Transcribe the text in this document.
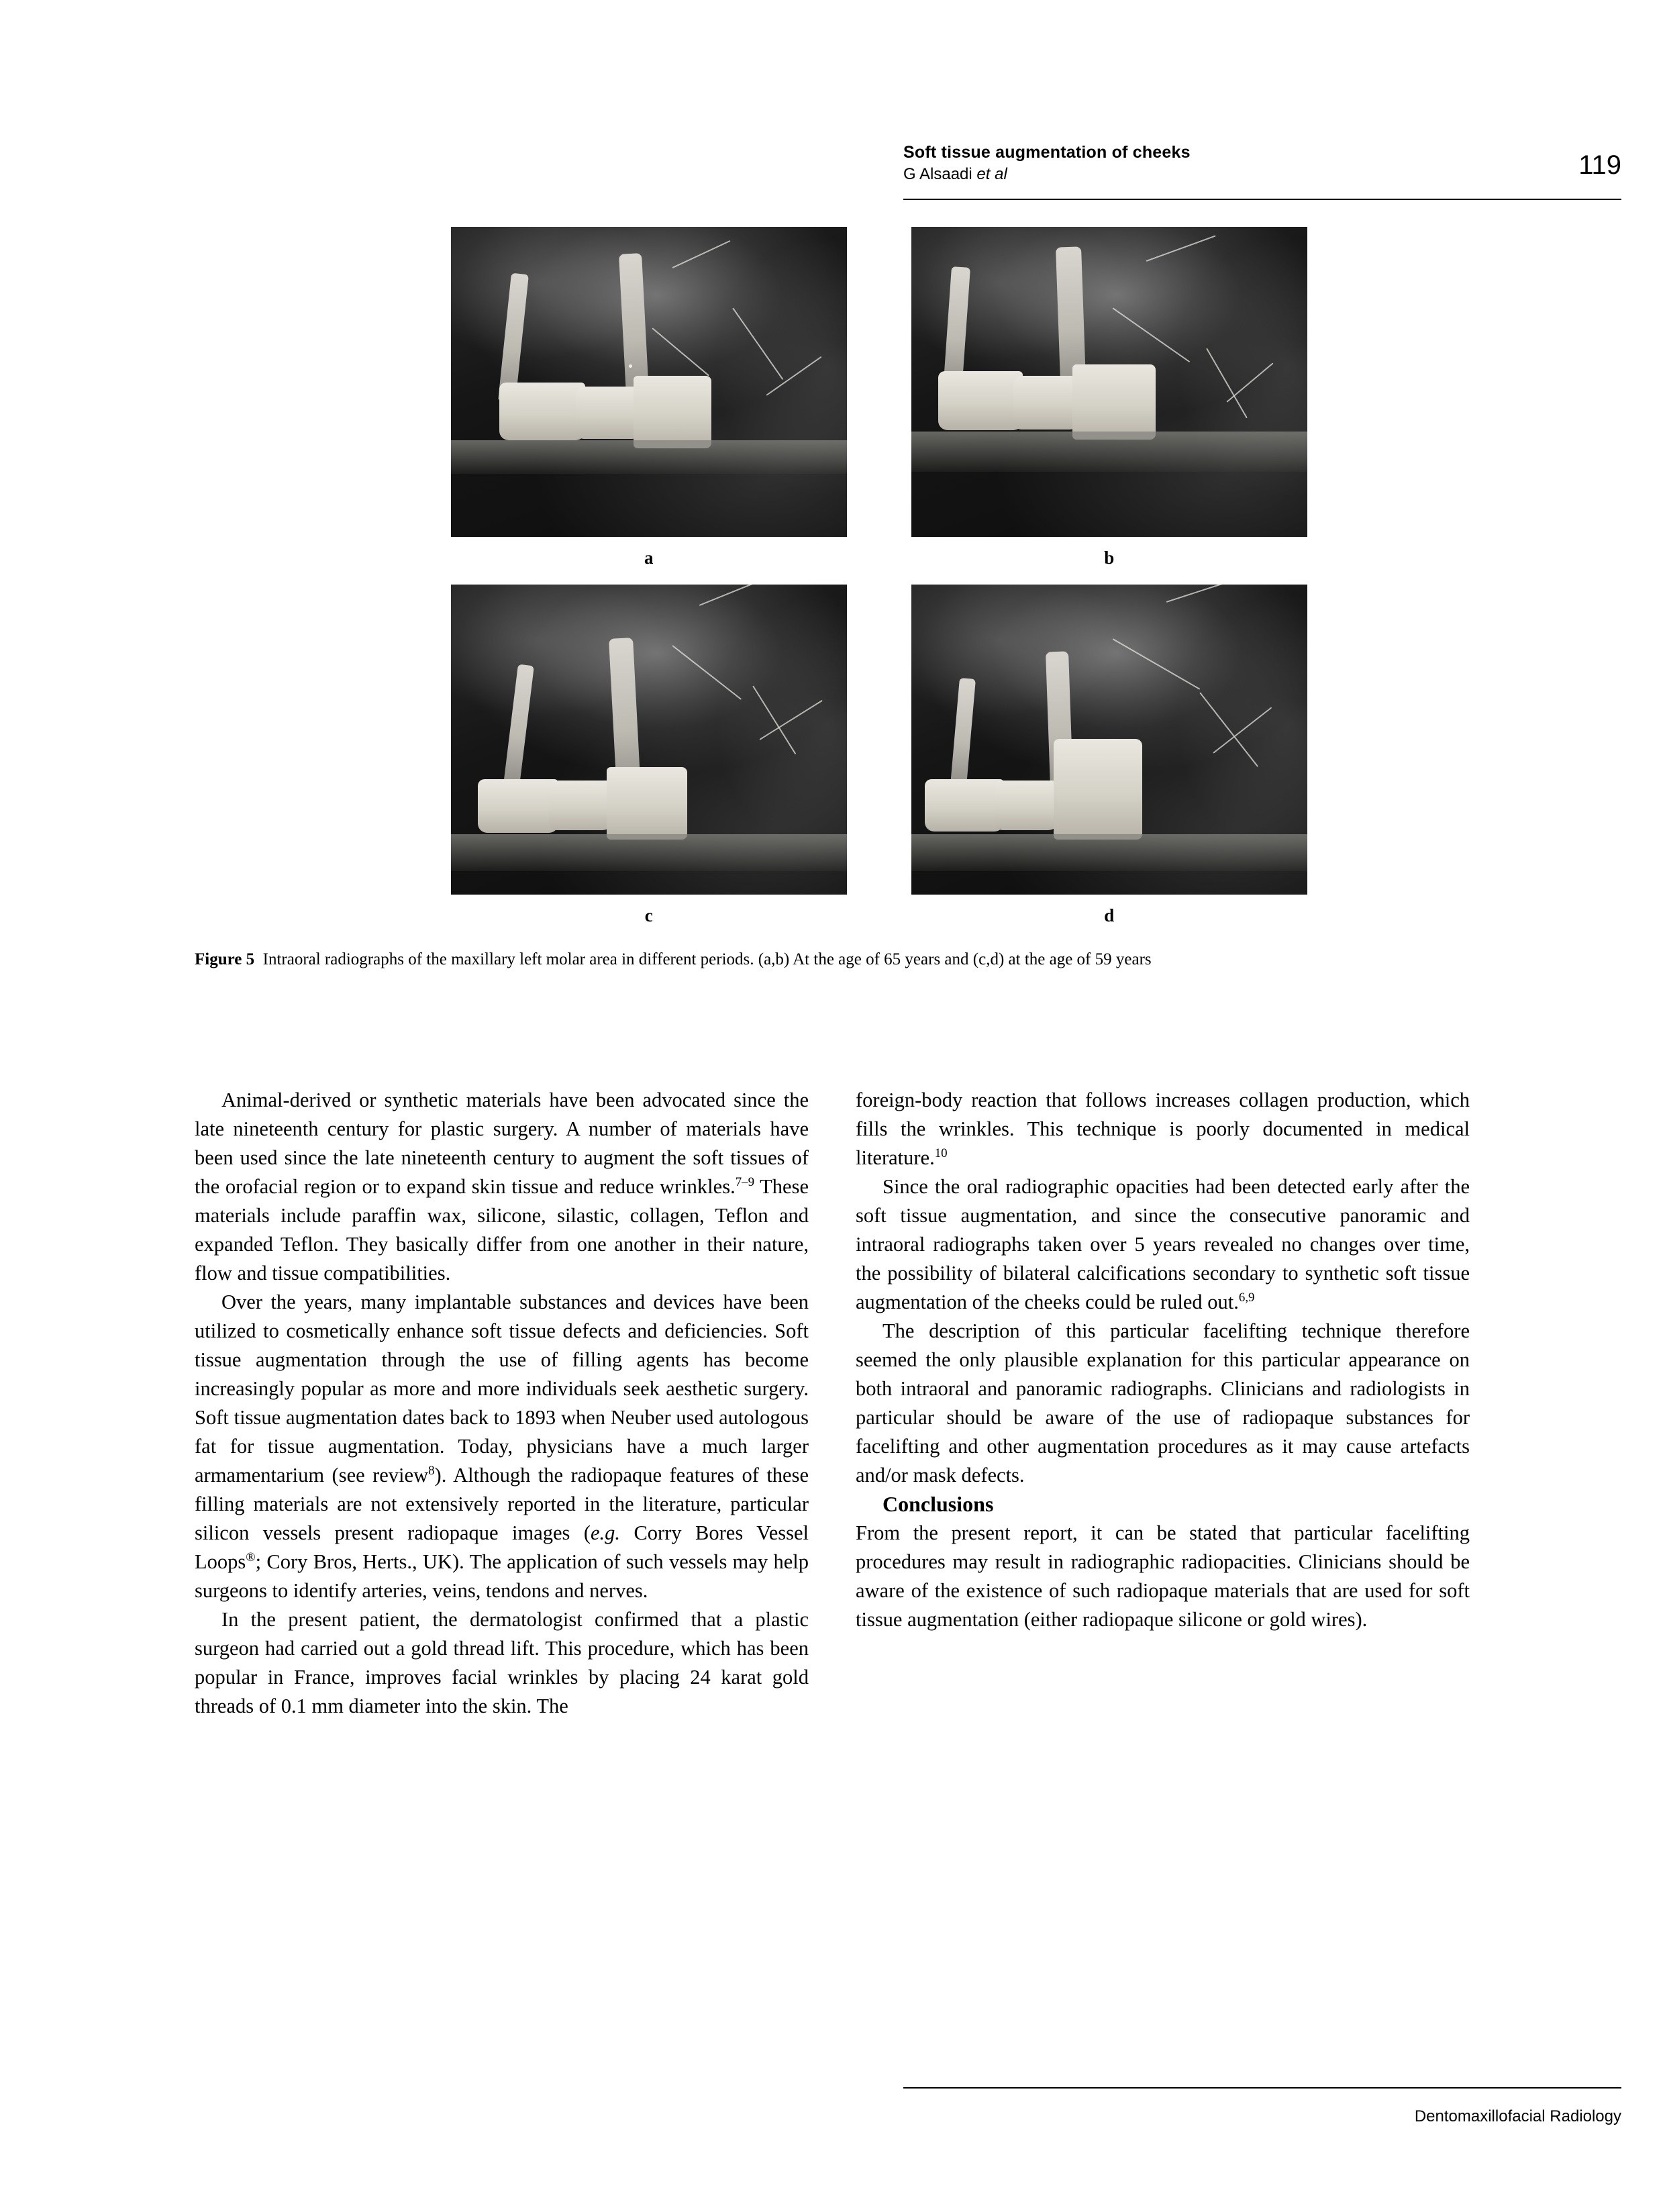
Soft tissue augmentation of cheeks
G Alsaadi et al	119
a	b
c	d
Figure 5 Intraoral radiographs of the maxillary left molar area in different periods. (a,b) At the age of 65 years and (c,d) at the age of 59 years

Animal-derived or synthetic materials have been advocated since the late nineteenth century for plastic surgery. A number of materials have been used since the late nineteenth century to augment the soft tissues of the orofacial region or to expand skin tissue and reduce wrinkles.$^{7-9}$ These materials include paraffin wax, silicone, silastic, collagen, Teflon and expanded Teflon. They basically differ from one another in their nature, flow and tissue compatibilities.

Over the years, many implantable substances and devices have been utilized to cosmetically enhance soft tissue defects and deficiencies. Soft tissue augmentation through the use of filling agents has become increasingly popular as more and more individuals seek aesthetic surgery. Soft tissue augmentation dates back to 1893 when Neuber used autologous fat for tissue augmentation. Today, physicians have a much larger armamentarium (see review$^8$). Although the radiopaque features of these filling materials are not extensively reported in the literature, particular silicon vessels present radiopaque images (e.g. Corry Bores Vessel Loops®; Cory Bros, Herts., UK). The application of such vessels may help surgeons to identify arteries, veins, tendons and nerves.

In the present patient, the dermatologist confirmed that a plastic surgeon had carried out a gold thread lift. This procedure, which has been popular in France, improves facial wrinkles by placing 24 karat gold threads of 0.1 mm diameter into the skin. The

foreign-body reaction that follows increases collagen production, which fills the wrinkles. This technique is poorly documented in medical literature.$^{10}$

Since the oral radiographic opacities had been detected early after the soft tissue augmentation, and since the consecutive panoramic and intraoral radiographs taken over 5 years revealed no changes over time, the possibility of bilateral calcifications secondary to synthetic soft tissue augmentation of the cheeks could be ruled out.$^{6,9}$

The description of this particular facelifting technique therefore seemed the only plausible explanation for this particular appearance on both intraoral and panoramic radiographs. Clinicians and radiologists in particular should be aware of the use of radiopaque substances for facelifting and other augmentation procedures as it may cause artefacts and/or mask defects.

Conclusions

From the present report, it can be stated that particular facelifting procedures may result in radiographic radiopacities. Clinicians should be aware of the existence of such radiopaque materials that are used for soft tissue augmentation (either radiopaque silicone or gold wires).

Dentomaxillofacial Radiology
